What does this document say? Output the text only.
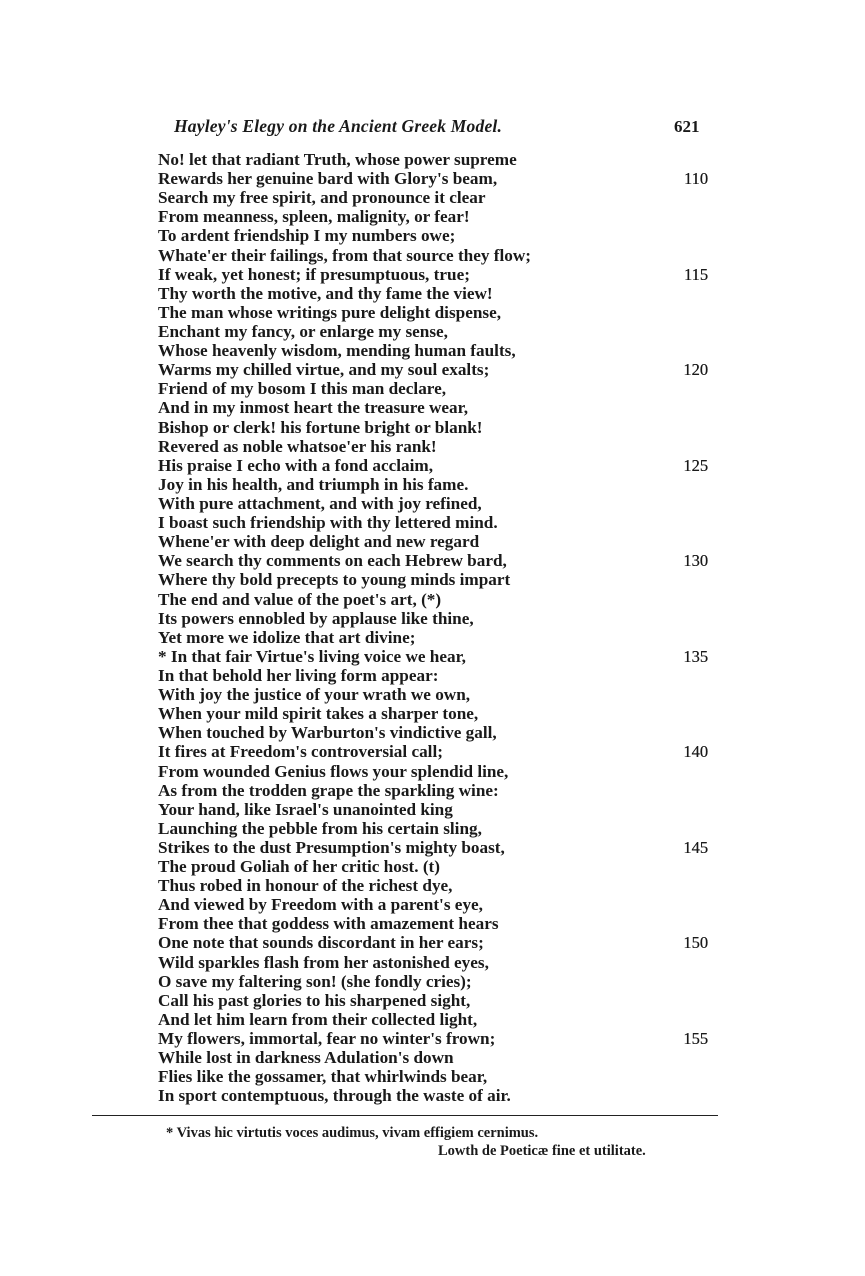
Hayley's Elegy on the Ancient Greek Model.	621
No! let that radiant Truth, whose power supreme
Rewards her genuine bard with Glory's beam,	110
Search my free spirit, and pronounce it clear
From meanness, spleen, malignity, or fear!
To ardent friendship I my numbers owe;
Whate'er their failings, from that source they flow;
If weak, yet honest; if presumptuous, true;	115
Thy worth the motive, and thy fame the view!
The man whose writings pure delight dispense,
Enchant my fancy, or enlarge my sense,
Whose heavenly wisdom, mending human faults,
Warms my chilled virtue, and my soul exalts;	120
Friend of my bosom I this man declare,
And in my inmost heart the treasure wear,
Bishop or clerk! his fortune bright or blank!
Revered as noble whatsoe'er his rank!
His praise I echo with a fond acclaim,	125
Joy in his health, and triumph in his fame.
With pure attachment, and with joy refined,
I boast such friendship with thy lettered mind.
Whene'er with deep delight and new regard
We search thy comments on each Hebrew bard,	130
Where thy bold precepts to young minds impart
The end and value of the poet's art, (*)
Its powers ennobled by applause like thine,
Yet more we idolize that art divine;
* In that fair Virtue's living voice we hear,	135
In that behold her living form appear:
With joy the justice of your wrath we own,
When your mild spirit takes a sharper tone,
When touched by Warburton's vindictive gall,
It fires at Freedom's controversial call;	140
From wounded Genius flows your splendid line,
As from the trodden grape the sparkling wine:
Your hand, like Israel's unanointed king
Launching the pebble from his certain sling,
Strikes to the dust Presumption's mighty boast,	145
The proud Goliah of her critic host. (t)
Thus robed in honour of the richest dye,
And viewed by Freedom with a parent's eye,
From thee that goddess with amazement hears
One note that sounds discordant in her ears;	150
Wild sparkles flash from her astonished eyes,
O save my faltering son! (she fondly cries);
Call his past glories to his sharpened sight,
And let him learn from their collected light,
My flowers, immortal, fear no winter's frown;	155
While lost in darkness Adulation's down
Flies like the gossamer, that whirlwinds bear,
In sport contemptuous, through the waste of air.
* Vivas hic virtutis voces audimus, vivam effigiem cernimus.
Lowth de Poeticæ fine et utilitate.
